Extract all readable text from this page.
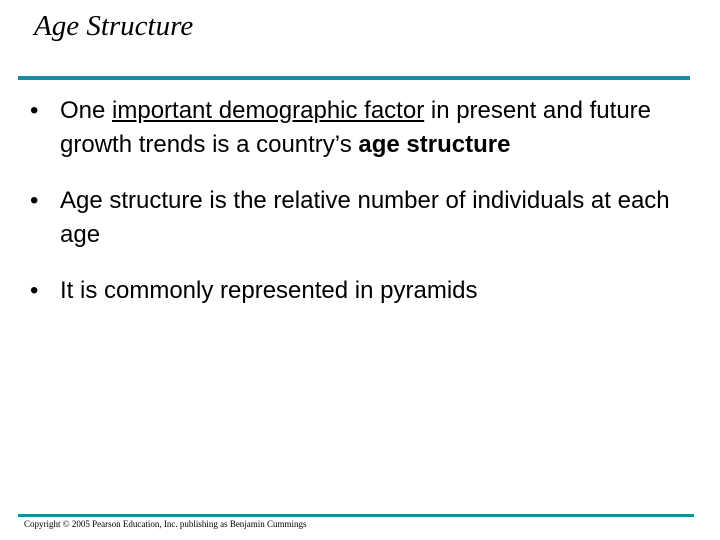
Age Structure
• One important demographic factor in present and future growth trends is a country’s age structure
• Age structure is the relative number of individuals at each age
• It is commonly represented in pyramids
Copyright © 2005 Pearson Education, Inc. publishing as Benjamin Cummings
